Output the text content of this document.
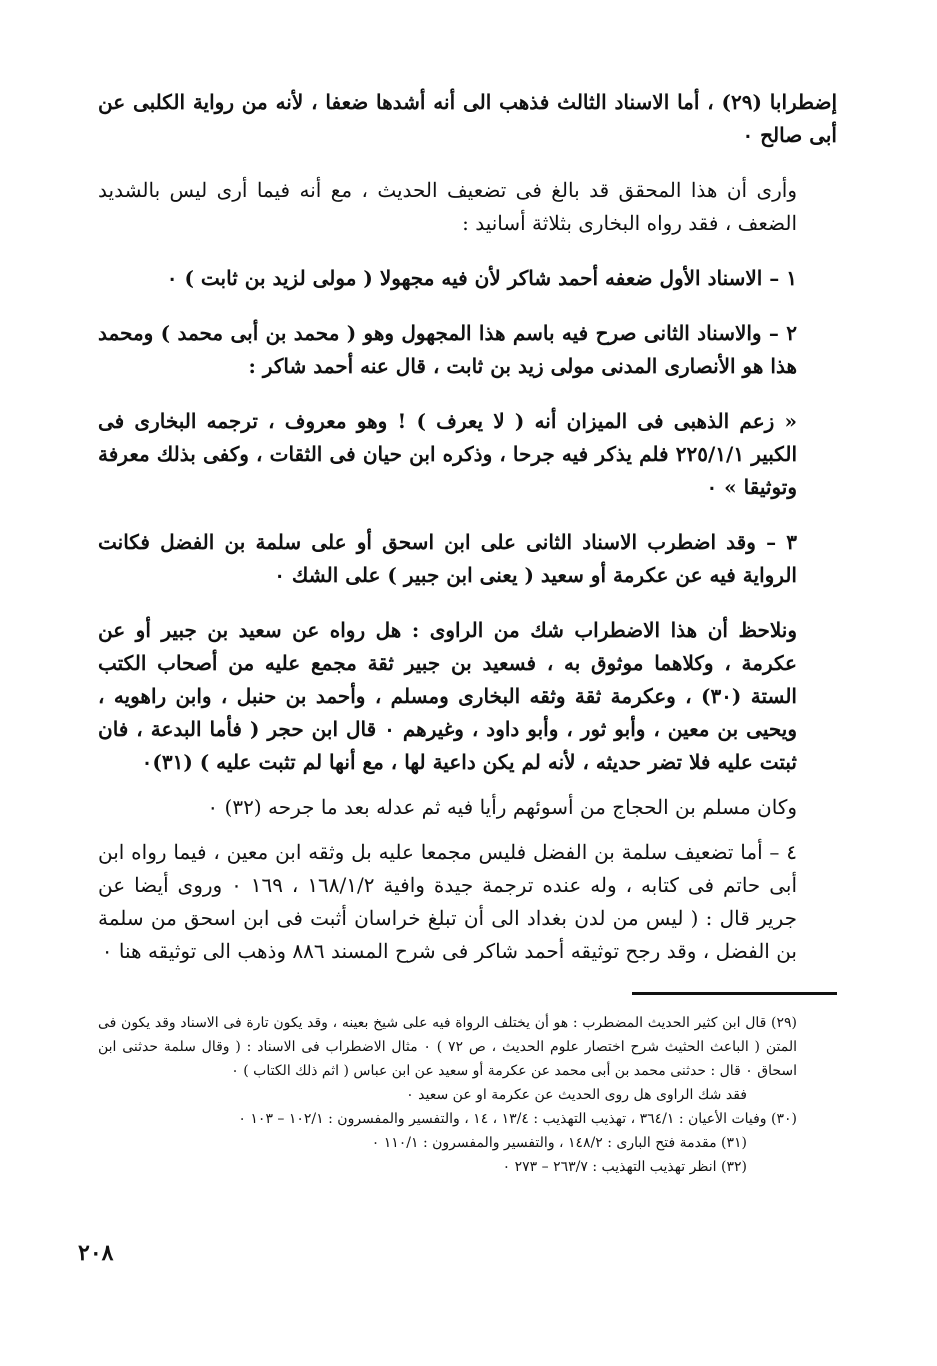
إضطرابا (٢٩) ، أما الاسناد الثالث فذهب الى أنه أشدها ضعفا ، لأنه من رواية الكلبى عن أبى صالح ٠

وأرى أن هذا المحقق قد بالغ فى تضعيف الحديث ، مع أنه فيما أرى ليس بالشديد الضعف ، فقد رواه البخارى بثلاثة أسانيد :

١ – الاسناد الأول ضعفه أحمد شاكر لأن فيه مجهولا ( مولى لزيد بن ثابت ) ٠

٢ – والاسناد الثانى صرح فيه باسم هذا المجهول وهو ( محمد بن أبى محمد ) ومحمد هذا هو الأنصارى المدنى مولى زيد بن ثابت ، قال عنه أحمد شاكر :

« زعم الذهبى فى الميزان أنه ( لا يعرف ) ! وهو معروف ، ترجمه البخارى فى الكبير ٢٢٥/١/١ فلم يذكر فيه جرحا ، وذكره ابن حيان فى الثقات ، وكفى بذلك معرفة وتوثيقا » ٠

٣ – وقد اضطرب الاسناد الثانى على ابن اسحق أو على سلمة بن الفضل فكانت الرواية فيه عن عكرمة أو سعيد ( يعنى ابن جبير ) على الشك ٠

ونلاحظ أن هذا الاضطراب شك من الراوى : هل رواه عن سعيد بن جبير أو عن عكرمة ، وكلاهما موثوق به ، فسعيد بن جبير ثقة مجمع عليه من أصحاب الكتب الستة (٣٠) ، وعكرمة ثقة وثقه البخارى ومسلم ، وأحمد بن حنبل ، وابن راهويه ، ويحيى بن معين ، وأبو ثور ، وأبو داود ، وغيرهم ٠ قال ابن حجر ( فأما البدعة ، فان ثبتت عليه فلا تضر حديثه ، لأنه لم يكن داعية لها ، مع أنها لم تثبت عليه ) (٣١)٠

وكان مسلم بن الحجاج من أسوئهم رأيا فيه ثم عدله بعد ما جرحه (٣٢) ٠

٤ – أما تضعيف سلمة بن الفضل فليس مجمعا عليه بل وثقه ابن معين ، فيما رواه ابن أبى حاتم فى كتابه ، وله عنده ترجمة جيدة وافية ١٦٨/١/٢ ، ١٦٩ ٠ وروى أيضا عن جرير قال : ( ليس من لدن بغداد الى أن تبلغ خراسان أثبت فى ابن اسحق من سلمة بن الفضل ، وقد رجح توثيقه أحمد شاكر فى شرح المسند ٨٨٦ وذهب الى توثيقه هنا ٠

(٢٩) قال ابن كثير الحديث المضطرب : هو أن يختلف الرواة فيه على شيخ بعينه ، وقد يكون تارة فى الاسناد وقد يكون فى المتن ( الباعث الحثيث شرح اختصار علوم الحديث ، ص ٧٢ ) ٠ مثال الاضطراب فى الاسناد : ( وقال سلمة حدثنى ابن اسحاق ٠ قال : حدثنى محمد بن أبى محمد عن عكرمة أو سعيد عن ابن عباس ( اثم ذلك الكتاب ) ٠

فقد شك الراوى هل روى الحديث عن عكرمة او عن سعيد ٠

(٣٠) وفيات الأعيان : ٣٦٤/١ ، تهذيب التهذيب : ١٣/٤ ، ١٤ ، والتفسير والمفسرون : ١٠٢/١ – ١٠٣ ٠

(٣١) مقدمة فتح البارى : ١٤٨/٢ ، والتفسير والمفسرون : ١١٠/١ ٠

(٣٢) انظر تهذيب التهذيب : ٢٦٣/٧ – ٢٧٣ ٠

٢٠٨
